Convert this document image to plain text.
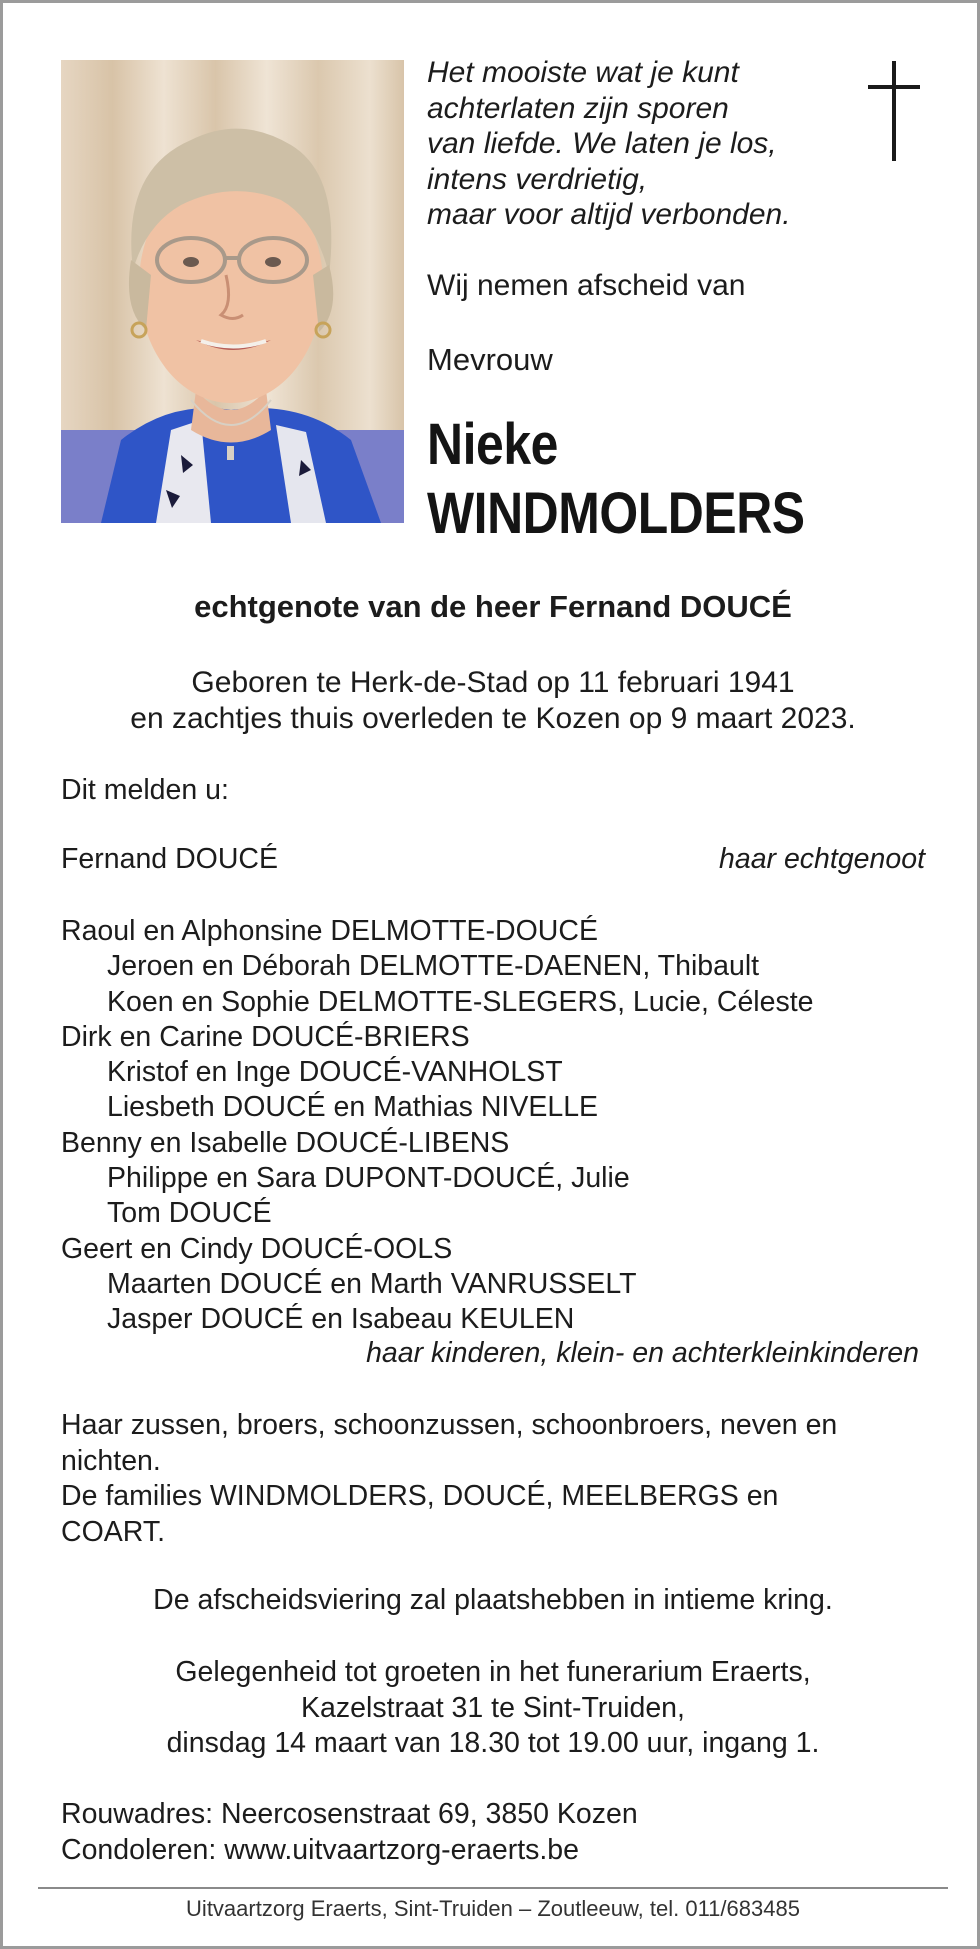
Het mooiste wat je kunt
achterlaten zijn sporen
van liefde. We laten je los,
intens verdrietig,
maar voor altijd verbonden.
Wij nemen afscheid van
Mevrouw
Nieke
WINDMOLDERS
echtgenote van de heer Fernand DOUCÉ
Geboren te Herk-de-Stad op 11 februari 1941
en zachtjes thuis overleden te Kozen op 9 maart 2023.
Dit melden u:
Fernand DOUCÉ	haar echtgenoot
Raoul en Alphonsine DELMOTTE-DOUCÉ
Jeroen en Déborah DELMOTTE-DAENEN, Thibault
Koen en Sophie DELMOTTE-SLEGERS, Lucie, Céleste
Dirk en Carine DOUCÉ-BRIERS
Kristof en Inge DOUCÉ-VANHOLST
Liesbeth DOUCÉ en Mathias NIVELLE
Benny en Isabelle DOUCÉ-LIBENS
Philippe en Sara DUPONT-DOUCÉ, Julie
Tom DOUCÉ
Geert en Cindy DOUCÉ-OOLS
Maarten DOUCÉ en Marth VANRUSSELT
Jasper DOUCÉ en Isabeau KEULEN
haar kinderen, klein- en achterkleinkinderen
Haar zussen, broers, schoonzussen, schoonbroers, neven en
nichten.
De families WINDMOLDERS, DOUCÉ, MEELBERGS en
COART.
De afscheidsviering zal plaatshebben in intieme kring.
Gelegenheid tot groeten in het funerarium Eraerts,
Kazelstraat 31 te Sint-Truiden,
dinsdag 14 maart van 18.30 tot 19.00 uur, ingang 1.
Rouwadres: Neercosenstraat 69, 3850 Kozen
Condoleren: www.uitvaartzorg-eraerts.be
Uitvaartzorg Eraerts, Sint-Truiden – Zoutleeuw, tel. 011/683485
